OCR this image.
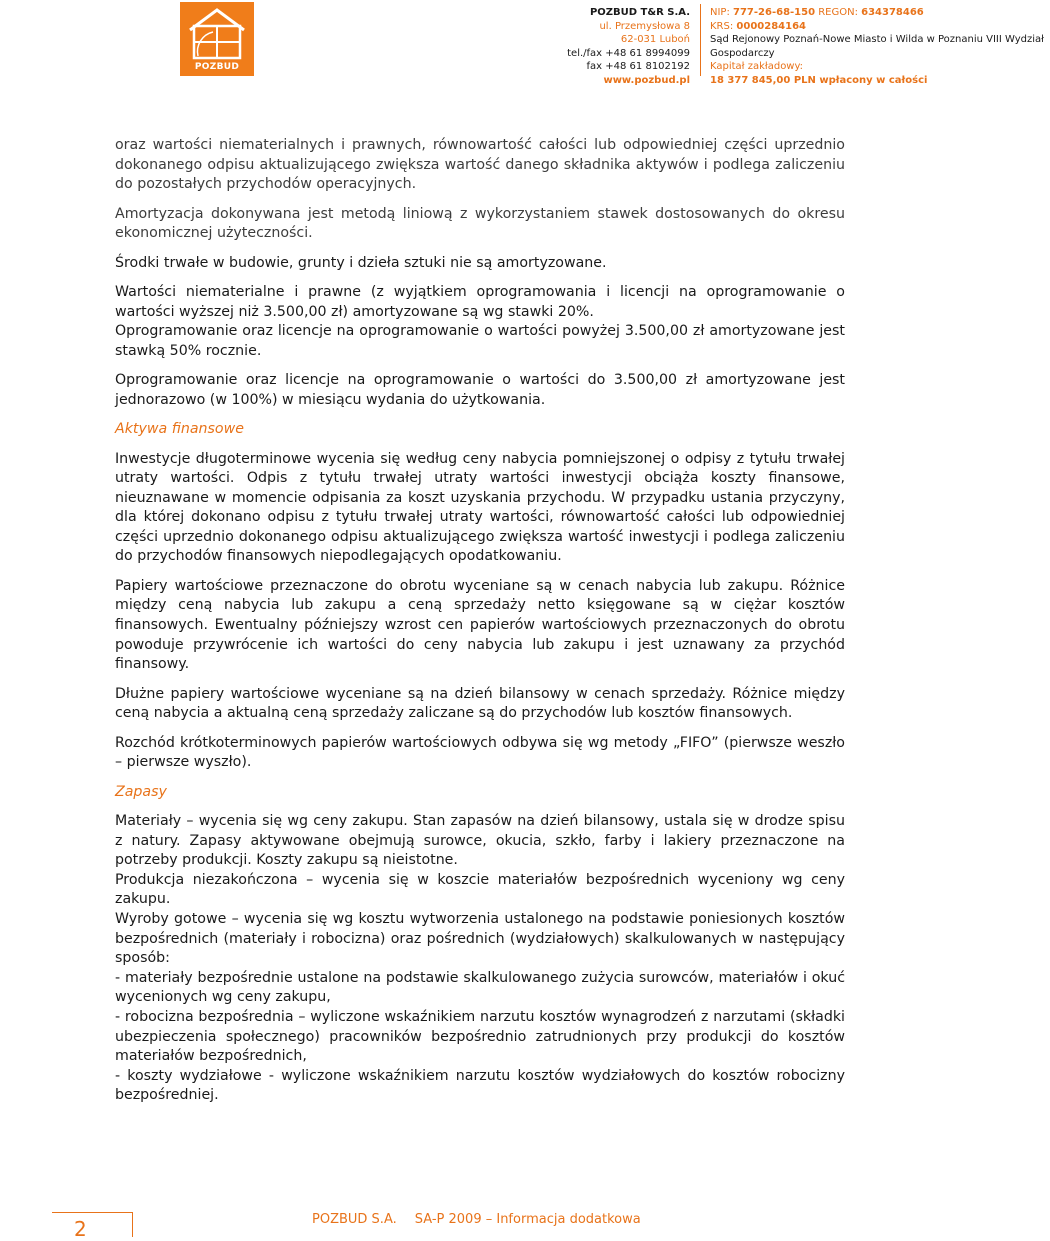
POZBUD
POZBUD T&R S.A.
ul. Przemysłowa 8
62-031 Luboń
tel./fax +48 61 8994099
fax +48 61 8102192
www.pozbud.pl
NIP: 777-26-68-150 REGON: 634378466
KRS: 0000284164
Sąd Rejonowy Poznań-Nowe Miasto i Wilda w Poznaniu VIII Wydział
Gospodarczy
Kapitał zakładowy:
18 377 845,00 PLN wpłacony w całości

oraz wartości niematerialnych i prawnych, równowartość całości lub odpowiedniej części uprzednio dokonanego odpisu aktualizującego zwiększa wartość danego składnika aktywów i podlega zaliczeniu do pozostałych przychodów operacyjnych.

Amortyzacja dokonywana jest metodą liniową z wykorzystaniem stawek dostosowanych do okresu ekonomicznej użyteczności.

Środki trwałe w budowie, grunty i dzieła sztuki nie są amortyzowane.

Wartości niematerialne i prawne (z wyjątkiem oprogramowania i licencji na oprogramowanie o wartości wyższej niż 3.500,00 zł) amortyzowane są wg stawki 20%.

Oprogramowanie oraz licencje na oprogramowanie o wartości powyżej 3.500,00 zł amortyzowane jest stawką 50% rocznie.

Oprogramowanie oraz licencje na oprogramowanie o wartości do 3.500,00 zł amortyzowane jest jednorazowo (w 100%) w miesiącu wydania do użytkowania.

Aktywa finansowe

Inwestycje długoterminowe wycenia się według ceny nabycia pomniejszonej o odpisy z tytułu trwałej utraty wartości. Odpis z tytułu trwałej utraty wartości inwestycji obciąża koszty finansowe, nieuznawane w momencie odpisania za koszt uzyskania przychodu. W przypadku ustania przyczyny, dla której dokonano odpisu z tytułu trwałej utraty wartości, równowartość całości lub odpowiedniej części uprzednio dokonanego odpisu aktualizującego zwiększa wartość inwestycji i podlega zaliczeniu do przychodów finansowych niepodlegających opodatkowaniu.

Papiery wartościowe przeznaczone do obrotu wyceniane są w cenach nabycia lub zakupu. Różnice między ceną nabycia lub zakupu a ceną sprzedaży netto księgowane są w ciężar kosztów finansowych. Ewentualny późniejszy wzrost cen papierów wartościowych przeznaczonych do obrotu powoduje przywrócenie ich wartości do ceny nabycia lub zakupu i jest uznawany za przychód finansowy.

Dłużne papiery wartościowe wyceniane są na dzień bilansowy w cenach sprzedaży. Różnice między ceną nabycia a aktualną ceną sprzedaży zaliczane są do przychodów lub kosztów finansowych.

Rozchód krótkoterminowych papierów wartościowych odbywa się wg metody „FIFO” (pierwsze weszło – pierwsze wyszło).

Zapasy

Materiały – wycenia się wg ceny zakupu. Stan zapasów na dzień bilansowy, ustala się w drodze spisu z natury. Zapasy aktywowane obejmują surowce, okucia, szkło, farby i lakiery przeznaczone na potrzeby produkcji. Koszty zakupu są nieistotne.

Produkcja niezakończona – wycenia się w koszcie materiałów bezpośrednich wyceniony wg ceny zakupu.

Wyroby gotowe – wycenia się wg kosztu wytworzenia ustalonego na podstawie poniesionych kosztów bezpośrednich (materiały i robocizna) oraz pośrednich (wydziałowych) skalkulowanych w następujący sposób:

- materiały bezpośrednie ustalone na podstawie skalkulowanego zużycia surowców, materiałów i okuć wycenionych wg ceny zakupu,

- robocizna bezpośrednia – wyliczone wskaźnikiem narzutu kosztów wynagrodzeń z narzutami (składki ubezpieczenia społecznego) pracowników bezpośrednio zatrudnionych przy produkcji do kosztów materiałów bezpośrednich,

- koszty wydziałowe - wyliczone wskaźnikiem narzutu kosztów wydziałowych do kosztów robocizny bezpośredniej.

2	POZBUD S.A. SA-P 2009 – Informacja dodatkowa
